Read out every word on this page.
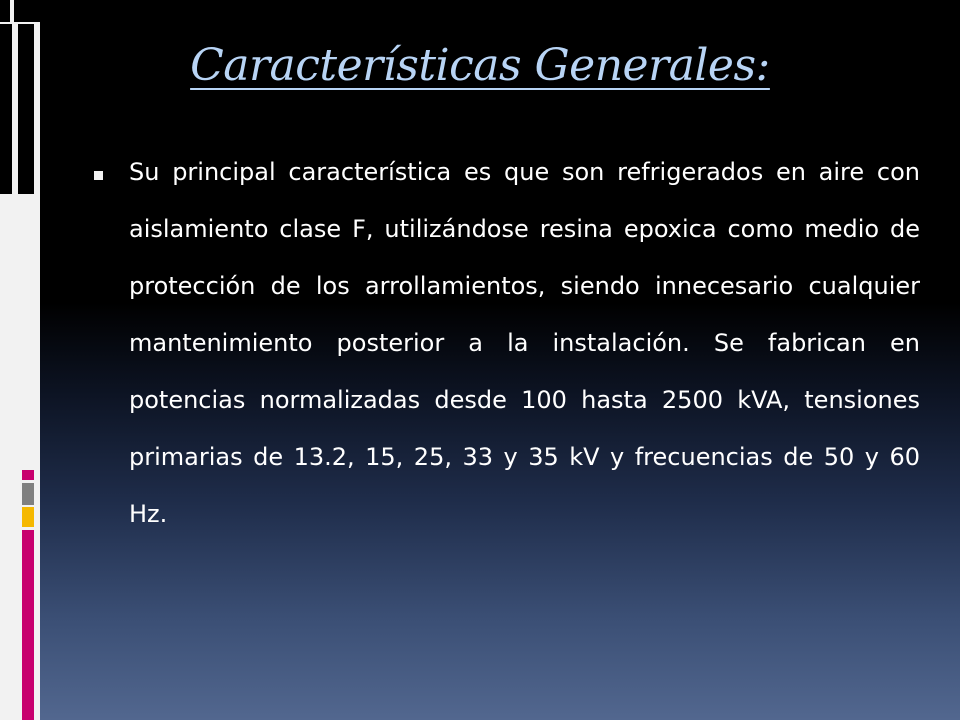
Características Generales:

Su principal característica es que son refrigerados en aire con aislamiento clase F, utilizándose resina epoxica como medio de protección de los arrollamientos, siendo innecesario cualquier mantenimiento posterior a la instalación. Se fabrican en potencias normalizadas desde 100 hasta 2500 kVA, tensiones primarias de 13.2, 15, 25, 33 y 35 kV y frecuencias de 50 y 60 Hz.
